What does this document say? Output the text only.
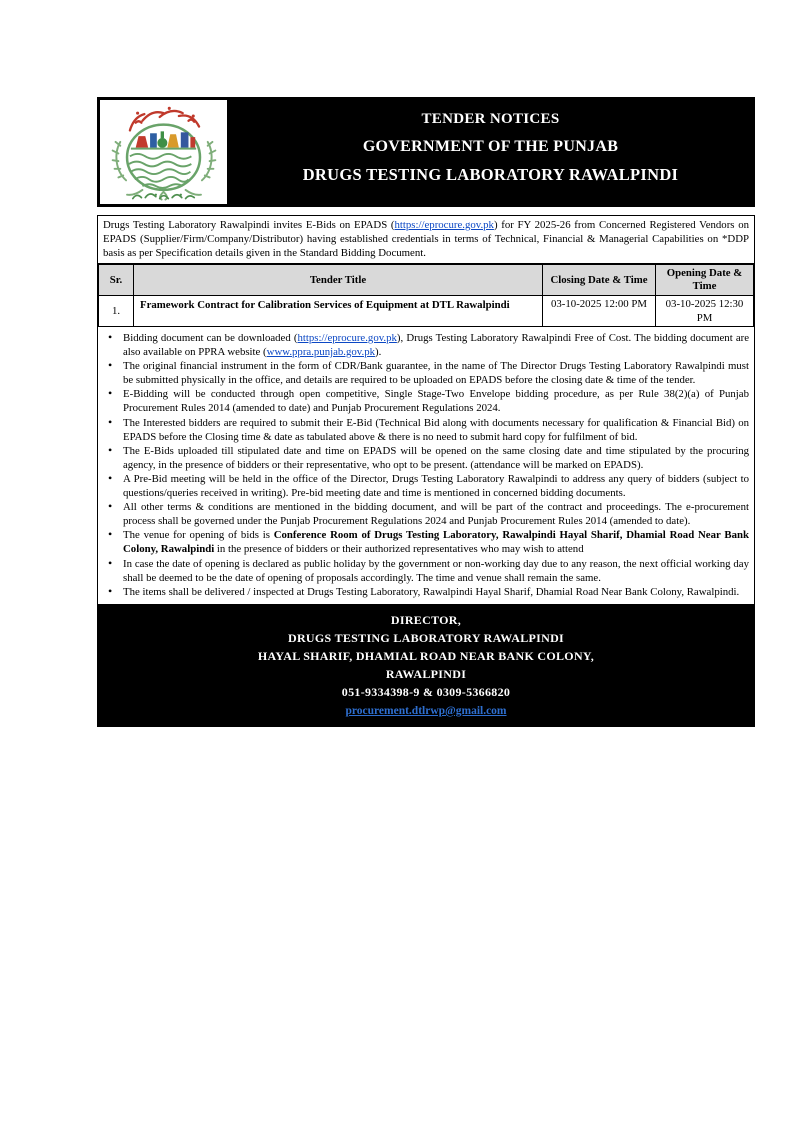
TENDER NOTICES
GOVERNMENT OF THE PUNJAB
DRUGS TESTING LABORATORY RAWALPINDI
Drugs Testing Laboratory Rawalpindi invites E-Bids on EPADS (https://eprocure.gov.pk) for FY 2025-26 from Concerned Registered Vendors on EPADS (Supplier/Firm/Company/Distributor) having established credentials in terms of Technical, Financial & Managerial Capabilities on *DDP basis as per Specification details given in the Standard Bidding Document.
Sr.	Tender Title	Closing Date & Time	Opening Date & Time
1.	Framework Contract for Calibration Services of Equipment at DTL Rawalpindi	03-10-2025 12:00 PM	03-10-2025 12:30 PM
• Bidding document can be downloaded (https://eprocure.gov.pk), Drugs Testing Laboratory Rawalpindi Free of Cost. The bidding document are also available on PPRA website (www.ppra.punjab.gov.pk).
• The original financial instrument in the form of CDR/Bank guarantee, in the name of The Director Drugs Testing Laboratory Rawalpindi must be submitted physically in the office, and details are required to be uploaded on EPADS before the closing date & time of the tender.
• E-Bidding will be conducted through open competitive, Single Stage-Two Envelope bidding procedure, as per Rule 38(2)(a) of Punjab Procurement Rules 2014 (amended to date) and Punjab Procurement Regulations 2024.
• The Interested bidders are required to submit their E-Bid (Technical Bid along with documents necessary for qualification & Financial Bid) on EPADS before the Closing time & date as tabulated above & there is no need to submit hard copy for fulfilment of bid.
• The E-Bids uploaded till stipulated date and time on EPADS will be opened on the same closing date and time stipulated by the procuring agency, in the presence of bidders or their representative, who opt to be present. (attendance will be marked on EPADS).
• A Pre-Bid meeting will be held in the office of the Director, Drugs Testing Laboratory Rawalpindi to address any query of bidders (subject to questions/queries received in writing). Pre-bid meeting date and time is mentioned in concerned bidding documents.
• All other terms & conditions are mentioned in the bidding document, and will be part of the contract and proceedings. The e-procurement process shall be governed under the Punjab Procurement Regulations 2024 and Punjab Procurement Rules 2014 (amended to date).
• The venue for opening of bids is Conference Room of Drugs Testing Laboratory, Rawalpindi Hayal Sharif, Dhamial Road Near Bank Colony, Rawalpindi in the presence of bidders or their authorized representatives who may wish to attend
• In case the date of opening is declared as public holiday by the government or non-working day due to any reason, the next official working day shall be deemed to be the date of opening of proposals accordingly. The time and venue shall remain the same.
• The items shall be delivered / inspected at Drugs Testing Laboratory, Rawalpindi Hayal Sharif, Dhamial Road Near Bank Colony, Rawalpindi.
DIRECTOR,
DRUGS TESTING LABORATORY RAWALPINDI
HAYAL SHARIF, DHAMIAL ROAD NEAR BANK COLONY,
RAWALPINDI
051-9334398-9 & 0309-5366820
procurement.dtlrwp@gmail.com
